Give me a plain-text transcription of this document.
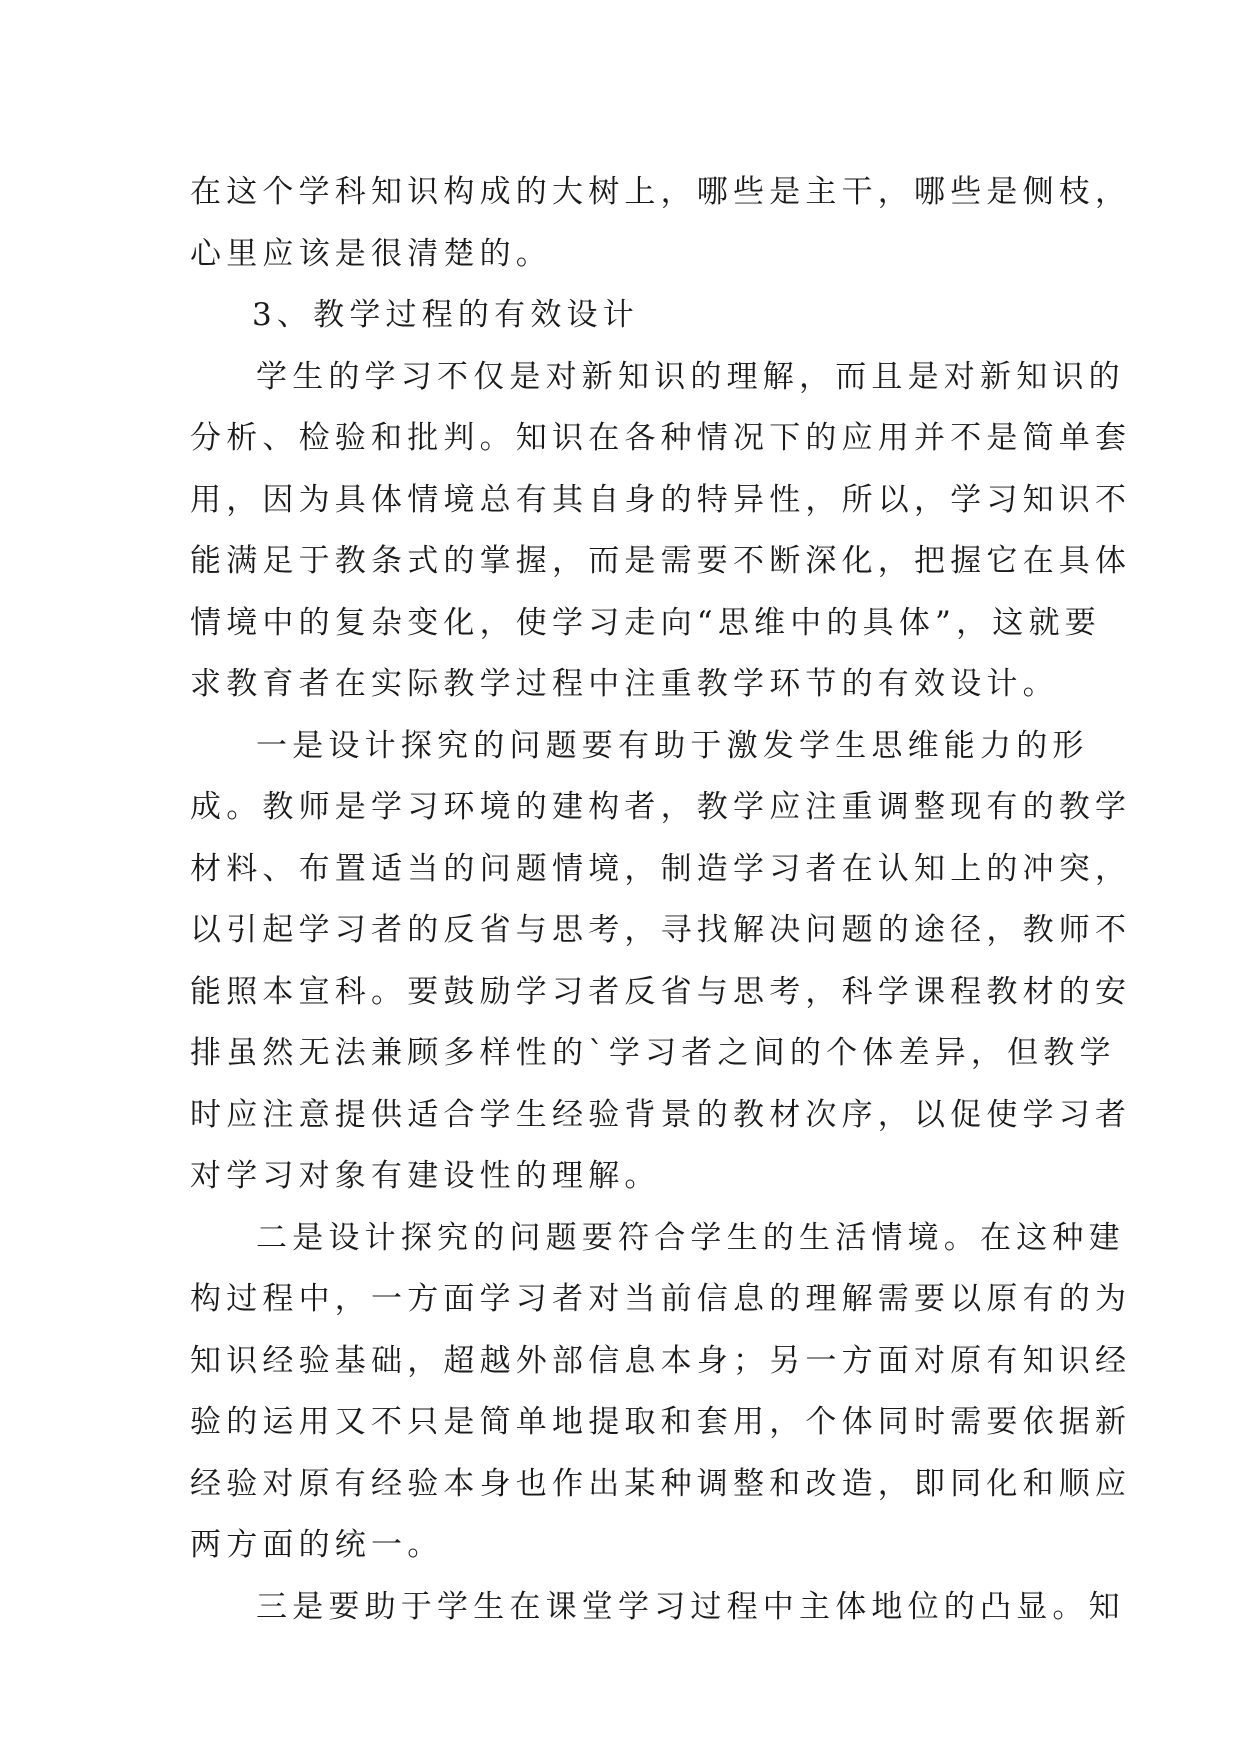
在这个学科知识构成的大树上，哪些是主干，哪些是侧枝，
心里应该是很清楚的。
3、教学过程的有效设计
学生的学习不仅是对新知识的理解，而且是对新知识的
分析、检验和批判。知识在各种情况下的应用并不是简单套
用，因为具体情境总有其自身的特异性，所以，学习知识不
能满足于教条式的掌握，而是需要不断深化，把握它在具体
情境中的复杂变化，使学习走向“思维中的具体”，这就要
求教育者在实际教学过程中注重教学环节的有效设计。
一是设计探究的问题要有助于激发学生思维能力的形
成。教师是学习环境的建构者，教学应注重调整现有的教学
材料、布置适当的问题情境，制造学习者在认知上的冲突，
以引起学习者的反省与思考，寻找解决问题的途径，教师不
能照本宣科。要鼓励学习者反省与思考，科学课程教材的安
排虽然无法兼顾多样性的`学习者之间的个体差异，但教学
时应注意提供适合学生经验背景的教材次序，以促使学习者
对学习对象有建设性的理解。
二是设计探究的问题要符合学生的生活情境。在这种建
构过程中，一方面学习者对当前信息的理解需要以原有的为
知识经验基础，超越外部信息本身；另一方面对原有知识经
验的运用又不只是简单地提取和套用，个体同时需要依据新
经验对原有经验本身也作出某种调整和改造，即同化和顺应
两方面的统一。
三是要助于学生在课堂学习过程中主体地位的凸显。知
